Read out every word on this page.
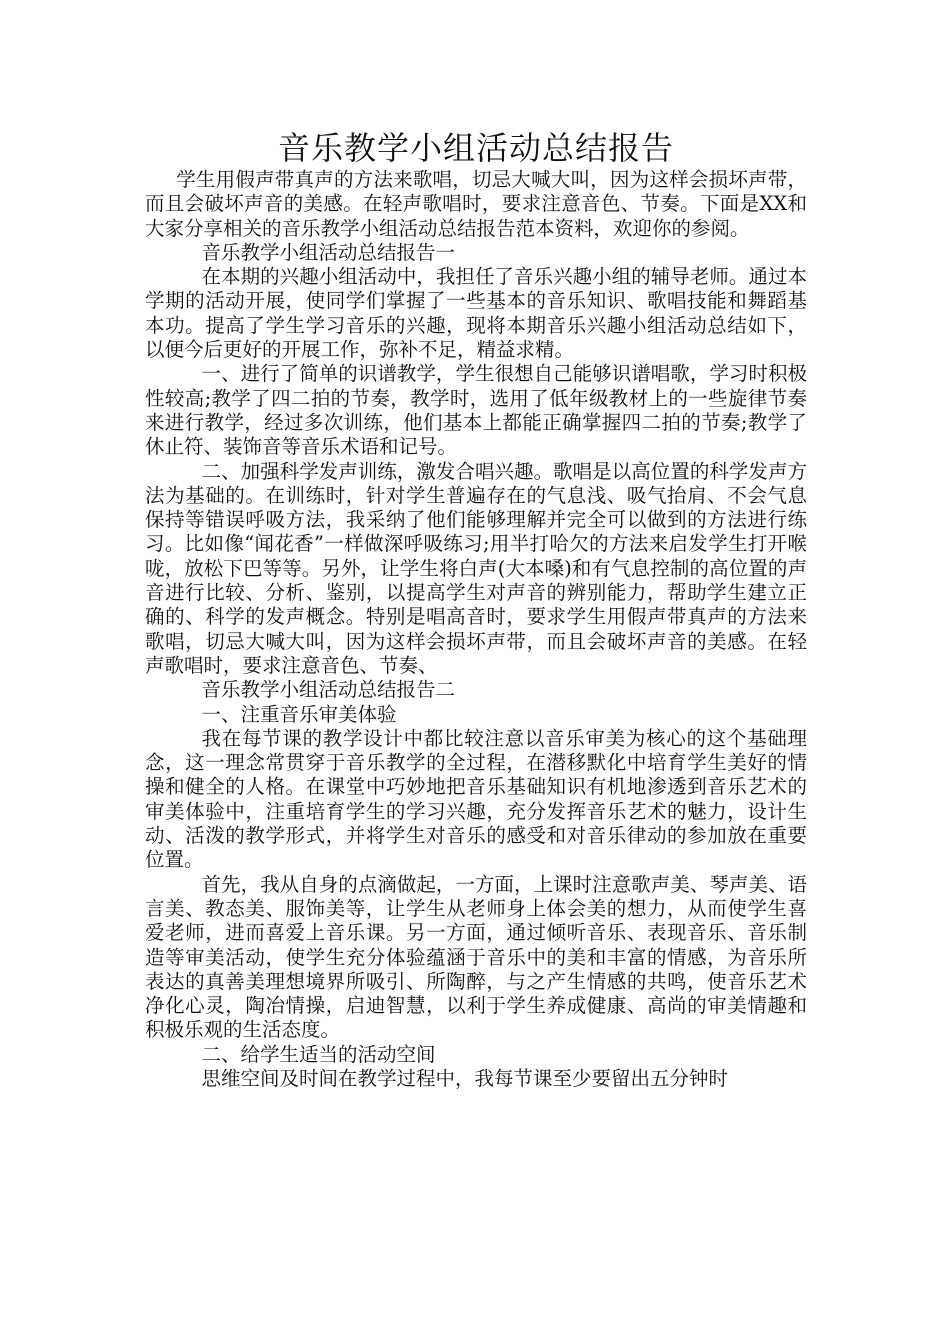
音乐教学小组活动总结报告

学生用假声带真声的方法来歌唱，切忌大喊大叫，因为这样会损坏声带，而且会破坏声音的美感。在轻声歌唱时，要求注意音色、节奏。下面是XX和大家分享相关的音乐教学小组活动总结报告范本资料，欢迎你的参阅。

音乐教学小组活动总结报告一

在本期的兴趣小组活动中，我担任了音乐兴趣小组的辅导老师。通过本学期的活动开展，使同学们掌握了一些基本的音乐知识、歌唱技能和舞蹈基本功。提高了学生学习音乐的兴趣，现将本期音乐兴趣小组活动总结如下，以便今后更好的开展工作，弥补不足，精益求精。

一、进行了简单的识谱教学，学生很想自己能够识谱唱歌，学习时积极性较高;教学了四二拍的节奏，教学时，选用了低年级教材上的一些旋律节奏来进行教学，经过多次训练，他们基本上都能正确掌握四二拍的节奏;教学了休止符、装饰音等音乐术语和记号。

二、加强科学发声训练，激发合唱兴趣。歌唱是以高位置的科学发声方法为基础的。在训练时，针对学生普遍存在的气息浅、吸气抬肩、不会气息保持等错误呼吸方法，我采纳了他们能够理解并完全可以做到的方法进行练习。比如像“闻花香”一样做深呼吸练习;用半打哈欠的方法来启发学生打开喉咙，放松下巴等等。另外，让学生将白声(大本嗓)和有气息控制的高位置的声音进行比较、分析、鉴别，以提高学生对声音的辨别能力，帮助学生建立正确的、科学的发声概念。特别是唱高音时，要求学生用假声带真声的方法来歌唱，切忌大喊大叫，因为这样会损坏声带，而且会破坏声音的美感。在轻声歌唱时，要求注意音色、节奏、

音乐教学小组活动总结报告二

一、注重音乐审美体验

我在每节课的教学设计中都比较注意以音乐审美为核心的这个基础理念，这一理念常贯穿于音乐教学的全过程，在潜移默化中培育学生美好的情操和健全的人格。在课堂中巧妙地把音乐基础知识有机地渗透到音乐艺术的审美体验中，注重培育学生的学习兴趣，充分发挥音乐艺术的魅力，设计生动、活泼的教学形式，并将学生对音乐的感受和对音乐律动的参加放在重要位置。

首先，我从自身的点滴做起，一方面，上课时注意歌声美、琴声美、语言美、教态美、服饰美等，让学生从老师身上体会美的想力，从而使学生喜爱老师，进而喜爱上音乐课。另一方面，通过倾听音乐、表现音乐、音乐制造等审美活动，使学生充分体验蕴涵于音乐中的美和丰富的情感，为音乐所表达的真善美理想境界所吸引、所陶醉，与之产生情感的共鸣，使音乐艺术净化心灵，陶冶情操，启迪智慧，以利于学生养成健康、高尚的审美情趣和积极乐观的生活态度。

二、给学生适当的活动空间

思维空间及时间在教学过程中，我每节课至少要留出五分钟时
